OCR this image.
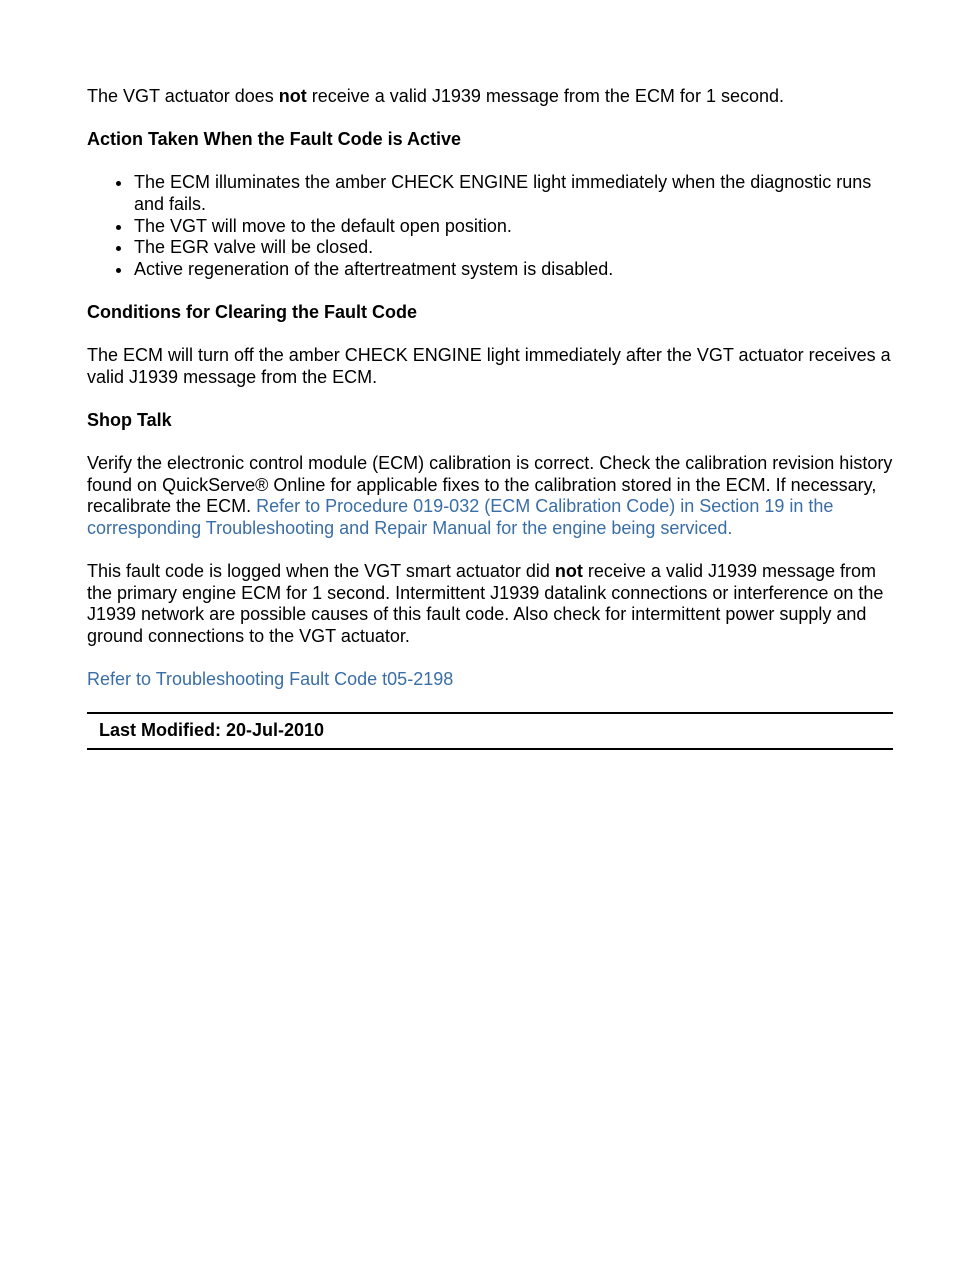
The VGT actuator does not receive a valid J1939 message from the ECM for 1 second.

Action Taken When the Fault Code is Active

The ECM illuminates the amber CHECK ENGINE light immediately when the diagnostic runs and fails.
The VGT will move to the default open position.
The EGR valve will be closed.
Active regeneration of the aftertreatment system is disabled.

Conditions for Clearing the Fault Code

The ECM will turn off the amber CHECK ENGINE light immediately after the VGT actuator receives a valid J1939 message from the ECM.

Shop Talk

Verify the electronic control module (ECM) calibration is correct. Check the calibration revision history found on QuickServe® Online for applicable fixes to the calibration stored in the ECM. If necessary, recalibrate the ECM. Refer to Procedure 019-032 (ECM Calibration Code) in Section 19 in the corresponding Troubleshooting and Repair Manual for the engine being serviced.

This fault code is logged when the VGT smart actuator did not receive a valid J1939 message from the primary engine ECM for 1 second. Intermittent J1939 datalink connections or interference on the J1939 network are possible causes of this fault code. Also check for intermittent power supply and ground connections to the VGT actuator.

Refer to Troubleshooting Fault Code t05-2198

Last Modified: 20-Jul-2010
